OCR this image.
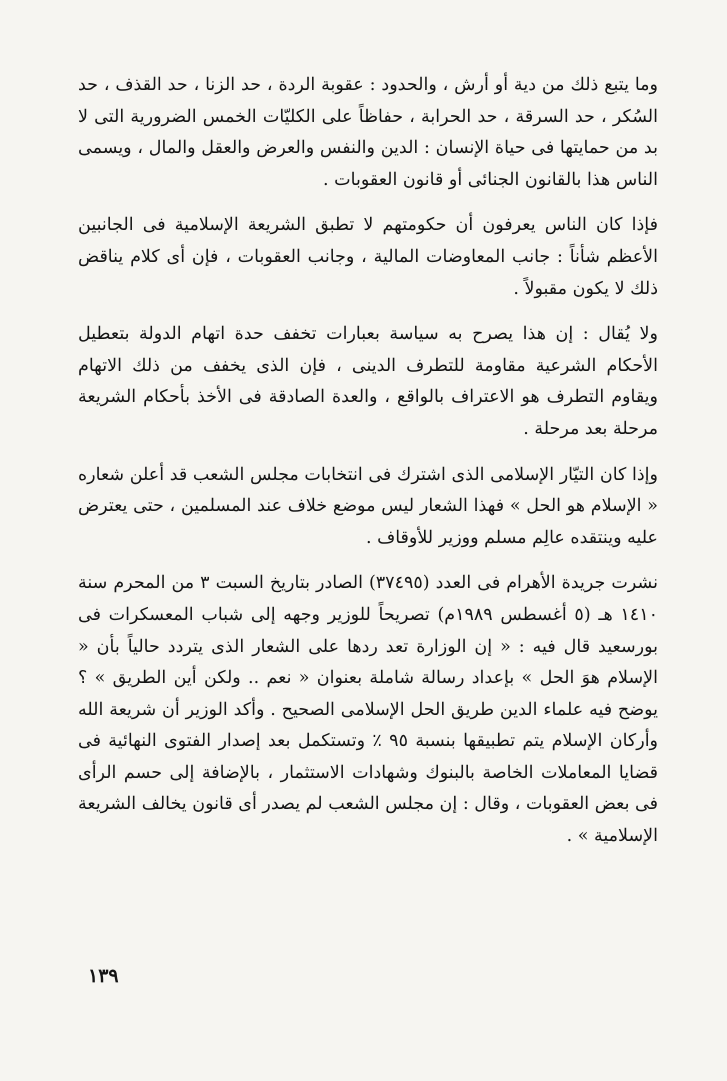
وما يتبع ذلك من دية أو أرش ، والحدود : عقوبة الردة ، حد الزنا ، حد القذف ، حد السُكر ، حد السرقة ، حد الحرابة ، حفاظاً على الكليّات الخمس الضرورية التى لا بد من حمايتها فى حياة الإنسان : الدين والنفس والعرض والعقل والمال ، ويسمى الناس هذا بالقانون الجنائى أو قانون العقوبات .

فإذا كان الناس يعرفون أن حكومتهم لا تطبق الشريعة الإسلامية فى الجانبين الأعظم شأناً : جانب المعاوضات المالية ، وجانب العقوبات ، فإن أى كلام يناقض ذلك لا يكون مقبولاً .

ولا يُقال : إن هذا يصرح به سياسة بعبارات تخفف حدة اتهام الدولة بتعطيل الأحكام الشرعية مقاومة للتطرف الدينى ، فإن الذى يخفف من ذلك الاتهام ويقاوم التطرف هو الاعتراف بالواقع ، والعدة الصادقة فى الأخذ بأحكام الشريعة مرحلة بعد مرحلة .

وإذا كان التيّار الإسلامى الذى اشترك فى انتخابات مجلس الشعب قد أعلن شعاره « الإسلام هو الحل » فهذا الشعار ليس موضع خلاف عند المسلمين ، حتى يعترض عليه وينتقده عالِم مسلم ووزير للأوقاف .

نشرت جريدة الأهرام فى العدد (٣٧٤٩٥) الصادر بتاريخ السبت ٣ من المحرم سنة ١٤١٠ هـ (٥ أغسطس ١٩٨٩م) تصريحاً للوزير وجهه إلى شباب المعسكرات فى بورسعيد قال فيه : « إن الوزارة تعد ردها على الشعار الذى يتردد حالياً بأن « الإسلام هوَ الحل » بإعداد رسالة شاملة بعنوان « نعم .. ولكن أين الطريق » ؟ يوضح فيه علماء الدين طريق الحل الإسلامى الصحيح . وأكد الوزير أن شريعة الله وأركان الإسلام يتم تطبيقها بنسبة ٩٥ ٪ وتستكمل بعد إصدار الفتوى النهائية فى قضايا المعاملات الخاصة بالبنوك وشهادات الاستثمار ، بالإضافة إلى حسم الرأى فى بعض العقوبات ، وقال : إن مجلس الشعب لم يصدر أى قانون يخالف الشريعة الإسلامية » .

١٣٩
